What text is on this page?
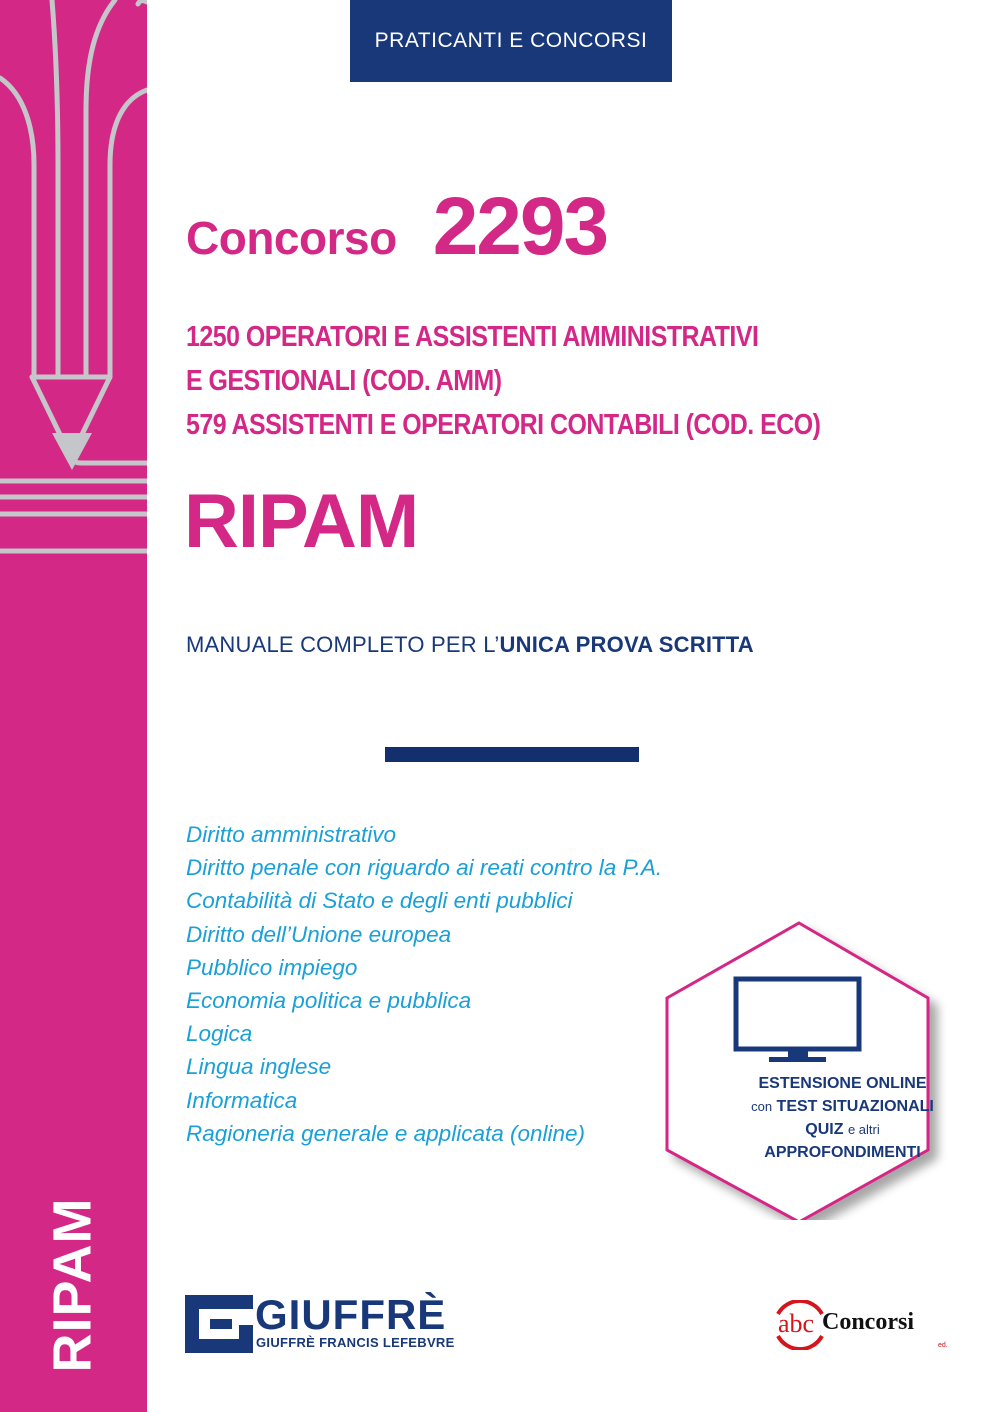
RIPAM
PRATICANTI E CONCORSI
Concorso 2293
1250 OPERATORI E ASSISTENTI AMMINISTRATIVI
E GESTIONALI (COD. AMM)
579 ASSISTENTI E OPERATORI CONTABILI (COD. ECO)
RIPAM
MANUALE COMPLETO PER L’UNICA PROVA SCRITTA
Diritto amministrativo
Diritto penale con riguardo ai reati contro la P.A.
Contabilità di Stato e degli enti pubblici
Diritto dell’Unione europea
Pubblico impiego
Economia politica e pubblica
Logica
Lingua inglese
Informatica
Ragioneria generale e applicata (online)
ESTENSIONE ONLINE
con TEST SITUAZIONALI
QUIZ e altri
APPROFONDIMENTI
GIUFFRÈ
GIUFFRÈ FRANCIS LEFEBVRE
abc Concorsi
ed.
